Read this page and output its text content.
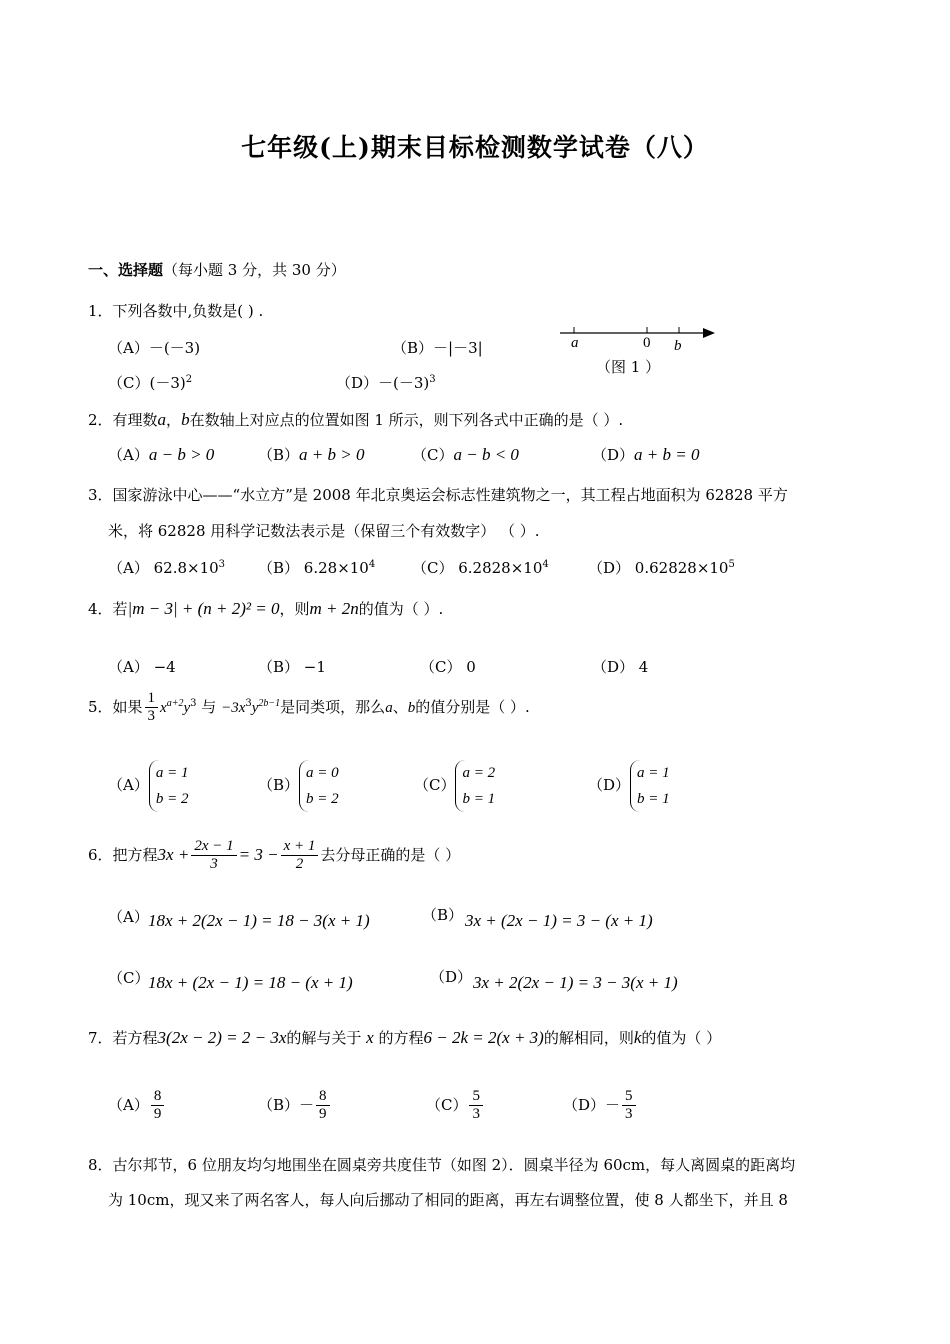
七年级(上)期末目标检测数学试卷（八）
一、选择题（每小题 3 分，共 30 分）
1．下列各数中,负数是( ) .
（A）－(－3)	（B）－|－3|
$(C)(-3)^2$	$(D)-(-3)^3$
a	0 b
（图 1 ）
2．有理数a，b在数轴上对应点的位置如图 1 所示，则下列各式中正确的是（ ）.
（A）a − b > 0	（B）a + b > 0	（C）a − b < 0	（D）a + b = 0
3．国家游泳中心——“水立方”是 2008 年北京奥运会标志性建筑物之一，其工程占地面积为 62828 平方
米，将 62828 用科学记数法表示是（保留三个有效数字） （ ）.
（A） $62.8\times 10^3$ （B） $6.28\times 10^4$ （C） $6.2828\times 10^4$	（D） $0.62828\times 10^5$
4．若|m − 3| + (n + 2)² = 0，则m + 2n的值为（ ）.
（A） −4	（B） −1	（C） 0	（D） 4
5．如果 $\frac{1}{3} x^{a+2}y^3$ 与 $-3x^3y^{2b-1}$是同类项，那么a、b的值分别是（ ）.
（A）a = 1
b = 2
（B）a = 0
b = 2
（C）a = 2
b = 1
（D）a = 1
b = 1
6．把方程$3x + \frac{2x - 1}{3} = 3 - \frac{x + 1}{2}$ 去分母正确的是（ ）
（A） 18x + 2(2x − 1) = 18 − 3(x + 1)	（B） 3x + (2x − 1) = 3 − (x + 1)
（C）
18x + (2x − 1) = 18 − (x + 1)	（D） 3x + 2(2x − 1) = 3 − 3(x + 1)
7．若方程3(2x − 2) = 2 − 3x的解与关于 x 的方程6 − 2k = 2(x + 3)的解相同，则k的值为（ ）
$(A) \frac{8}{9}$	$(B)- \frac{8}{9}$	$(C) \frac{5}{3}$	$(D)- \frac{5}{3}$
8．古尔邦节，6 位朋友均匀地围坐在圆桌旁共度佳节（如图 2）．圆桌半径为 60cm，每人离圆桌的距离均
为 10cm，现又来了两名客人，每人向后挪动了相同的距离，再左右调整位置，使 8 人都坐下，并且 8
